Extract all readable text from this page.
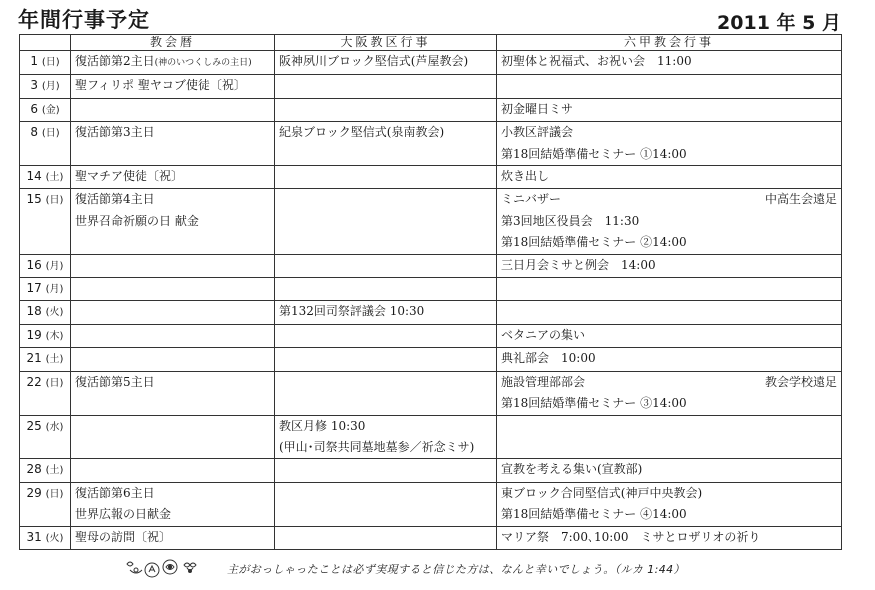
年間行事予定	2011 年 5 月
	教会暦	大阪教区行事	六甲教会行事
1 (日)	復活節第2主日(神のいつくしみの主日)	阪神夙川ブロック堅信式(芦屋教会)	初聖体と祝福式、お祝い会　11:00

3 (月)	聖フィリポ 聖ヤコブ使徒〔祝〕		

6 (金)			初金曜日ミサ

8 (日)	復活節第3主日	紀泉ブロック堅信式(泉南教会)	小教区評議会
第18回結婚準備セミナー ①14:00

14 (土)	聖マチア使徒〔祝〕		炊き出し

15 (日)	復活節第4主日
世界召命祈願の日 献金		ミニバザー 中高生会遠足
第3回地区役員会　11:30
第18回結婚準備セミナー ②14:00

16 (月)			三日月会ミサと例会　14:00

17 (月)			
18 (火)		第132回司祭評議会 10:30	

19 (木)			ベタニアの集い

21 (土)			典礼部会　10:00

22 (日)	復活節第5主日		施設管理部部会 教会学校遠足
第18回結婚準備セミナー ③14:00

25 (水)		教区月修 10:30
(甲山･司祭共同墓地墓参／祈念ミサ)	

28 (土)			宣教を考える集い(宣教部)

29 (日)	復活節第6主日
世界広報の日献金		東ブロック合同堅信式(神戸中央教会)
第18回結婚準備セミナー ④14:00

31 (火)	聖母の訪問〔祝〕		マリア祭　7:00､10:00　ミサとロザリオの祈り
主がおっしゃったことは必ず実現すると信じた方は、なんと幸いでしょう。（ルカ 1:44）
